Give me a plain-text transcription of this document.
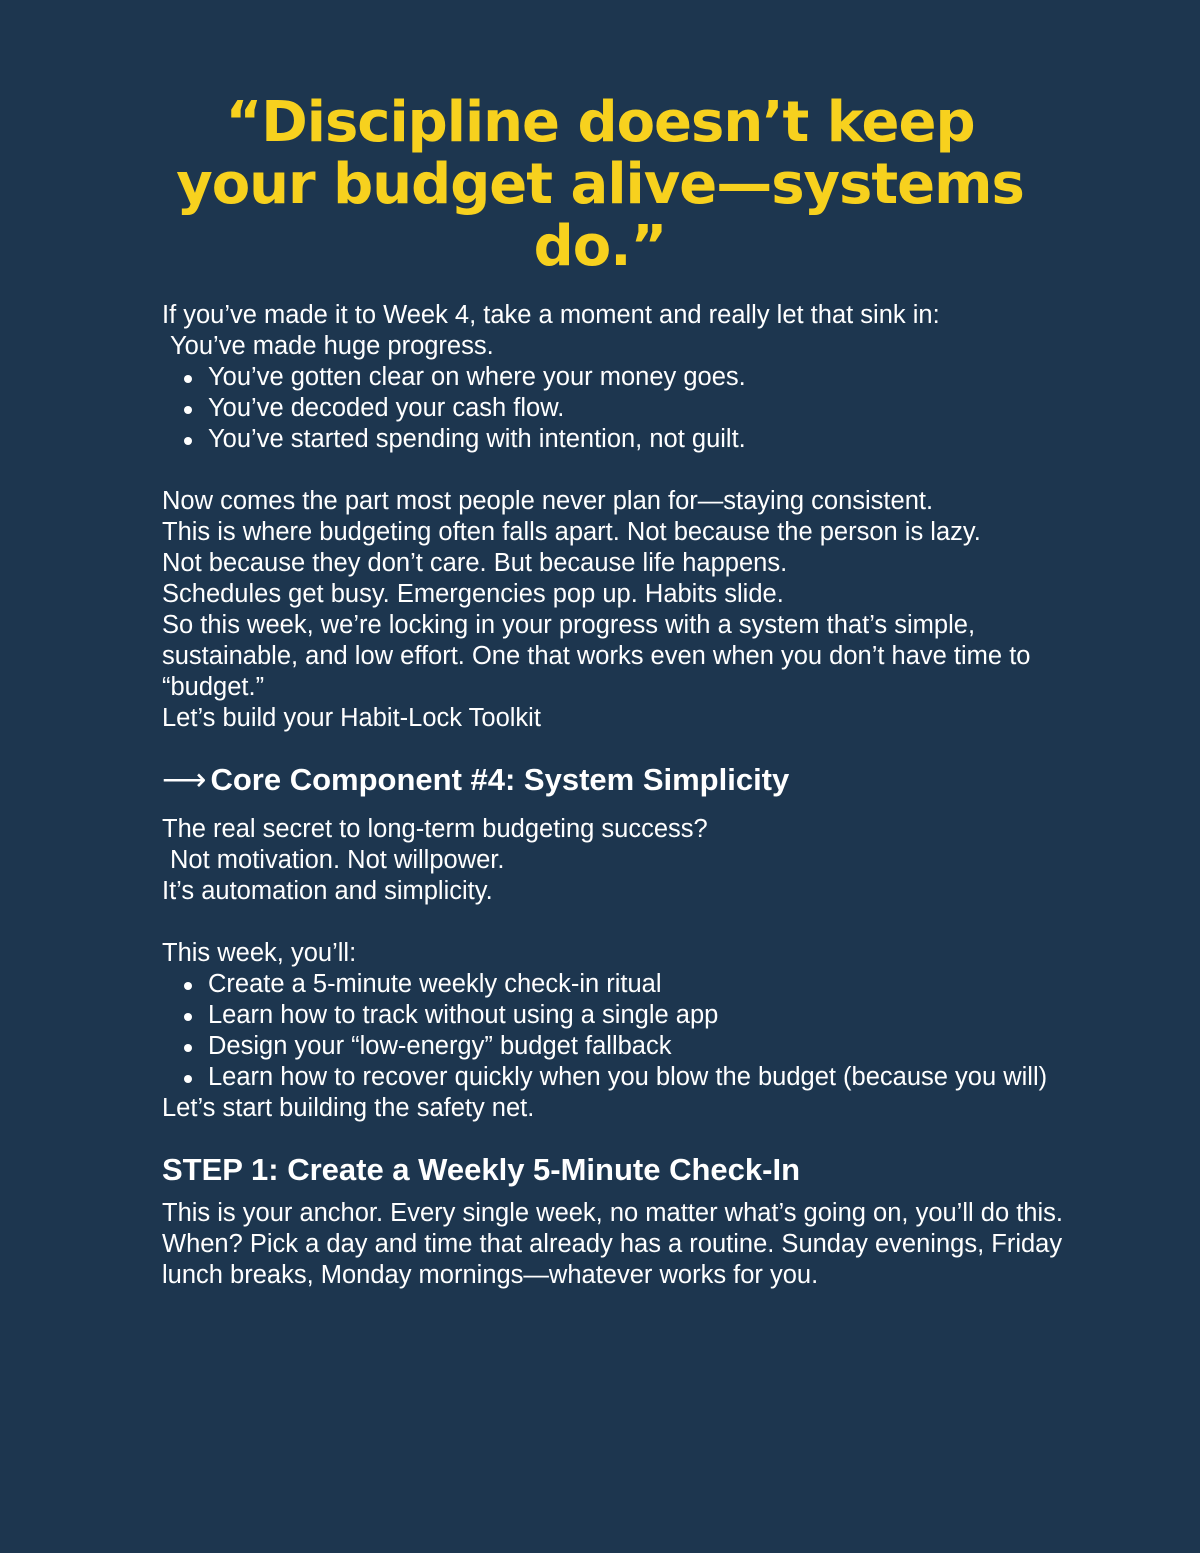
“Discipline doesn’t keep
your budget alive—systems
do.”

If you’ve made it to Week 4, take a moment and really let that sink in:

You’ve made huge progress.

You’ve gotten clear on where your money goes.
You’ve decoded your cash flow.
You’ve started spending with intention, not guilt.

Now comes the part most people never plan for—staying consistent.

This is where budgeting often falls apart. Not because the person is lazy.

Not because they don’t care. But because life happens.

Schedules get busy. Emergencies pop up. Habits slide.

So this week, we’re locking in your progress with a system that’s simple, sustainable, and low effort. One that works even when you don’t have time to “budget.”

Let’s build your Habit-Lock Toolkit

⟶ Core Component #4: System Simplicity

The real secret to long-term budgeting success?

Not motivation. Not willpower.

It’s automation and simplicity.

This week, you’ll:

Create a 5-minute weekly check-in ritual
Learn how to track without using a single app
Design your “low-energy” budget fallback
Learn how to recover quickly when you blow the budget (because you will)

Let’s start building the safety net.

STEP 1: Create a Weekly 5-Minute Check-In

This is your anchor. Every single week, no matter what’s going on, you’ll do this.

When? Pick a day and time that already has a routine. Sunday evenings, Friday lunch breaks, Monday mornings—whatever works for you.
